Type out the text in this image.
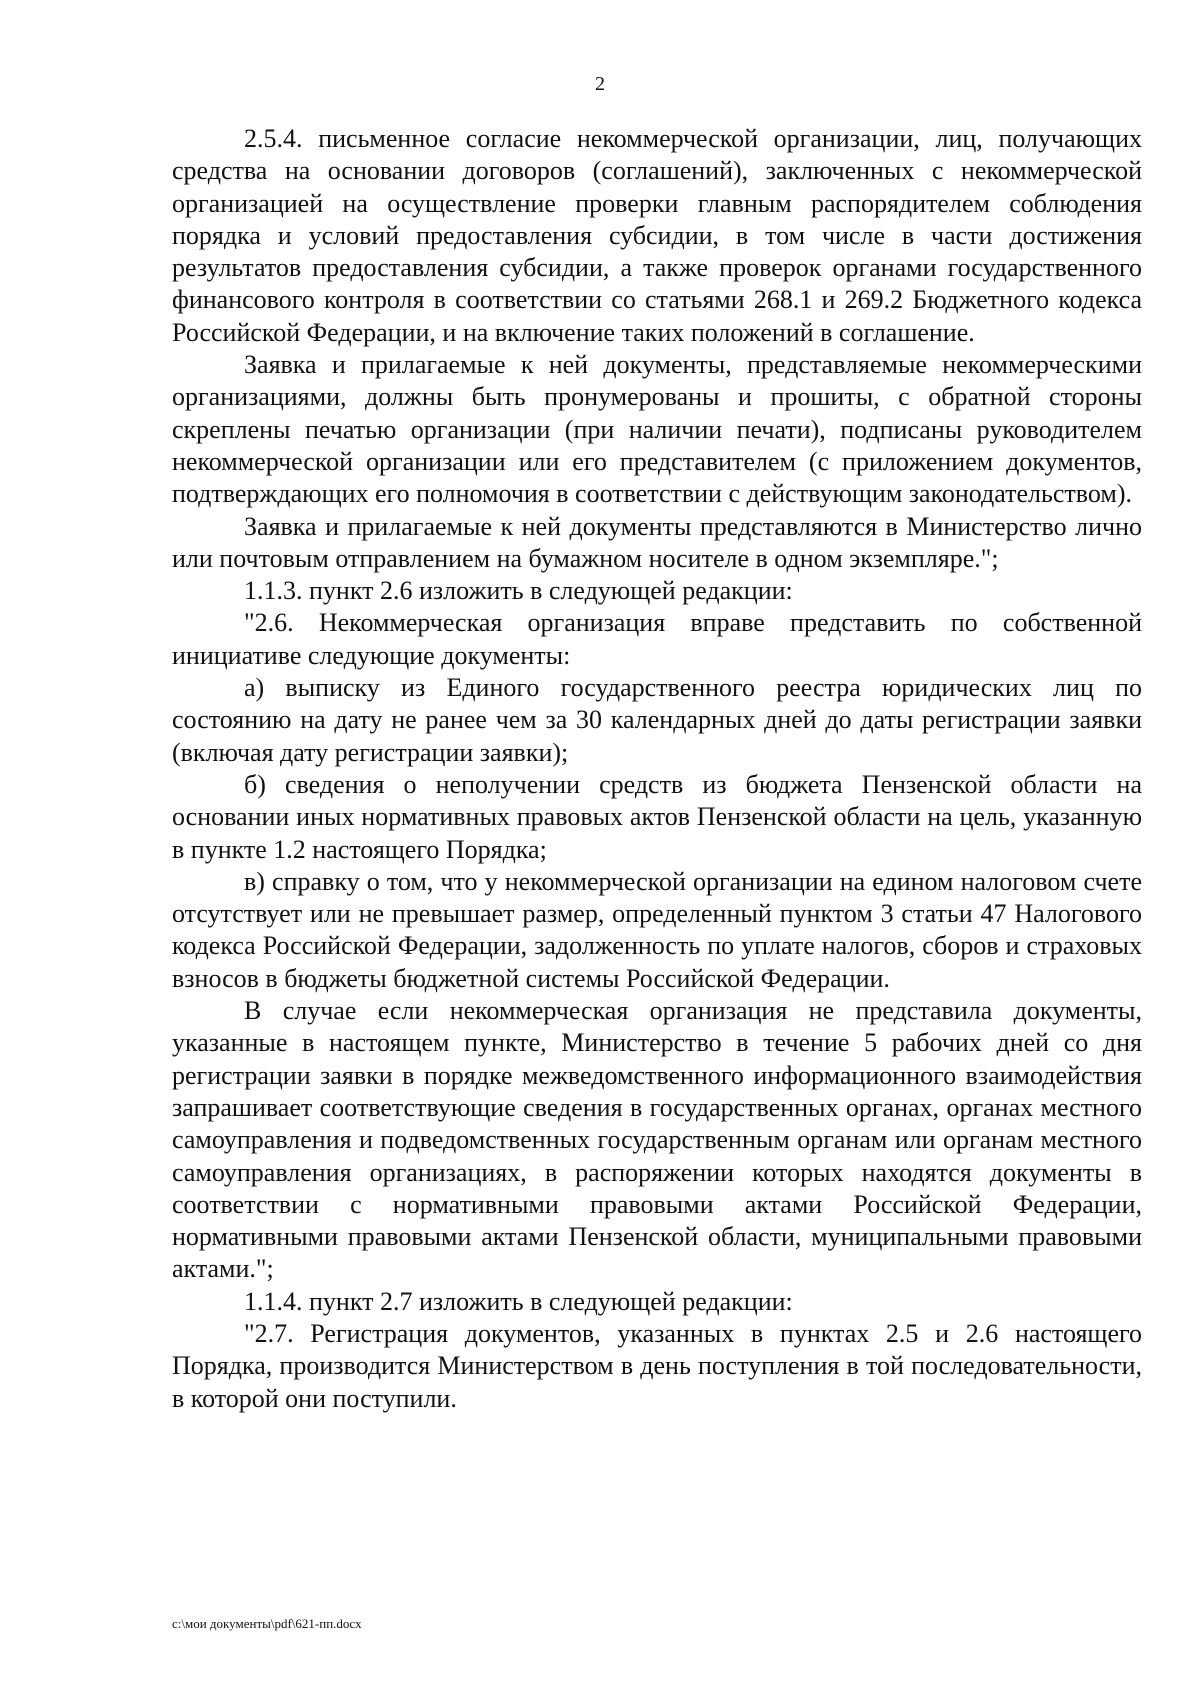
2

2.5.4. письменное согласие некоммерческой организации, лиц, получающих средства на основании договоров (соглашений), заключенных с некоммерческой организацией на осуществление проверки главным распорядителем соблюдения порядка и условий предоставления субсидии, в том числе в части достижения результатов предоставления субсидии, а также проверок органами государственного финансового контроля в соответствии со статьями 268.1 и 269.2 Бюджетного кодекса Российской Федерации, и на включение таких положений в соглашение.

Заявка и прилагаемые к ней документы, представляемые некоммерческими организациями, должны быть пронумерованы и прошиты, с обратной стороны скреплены печатью организации (при наличии печати), подписаны руководителем некоммерческой организации или его представителем (с приложением документов, подтверждающих его полномочия в соответствии с действующим законодательством).

Заявка и прилагаемые к ней документы представляются в Министерство лично или почтовым отправлением на бумажном носителе в одном экземпляре.";

1.1.3. пункт 2.6 изложить в следующей редакции:

"2.6. Некоммерческая организация вправе представить по собственной инициативе следующие документы:

а) выписку из Единого государственного реестра юридических лиц по состоянию на дату не ранее чем за 30 календарных дней до даты регистрации заявки (включая дату регистрации заявки);

б) сведения о неполучении средств из бюджета Пензенской области на основании иных нормативных правовых актов Пензенской области на цель, указанную в пункте 1.2 настоящего Порядка;

в) справку о том, что у некоммерческой организации на едином налоговом счете отсутствует или не превышает размер, определенный пунктом 3 статьи 47 Налогового кодекса Российской Федерации, задолженность по уплате налогов, сборов и страховых взносов в бюджеты бюджетной системы Российской Федерации.

В случае если некоммерческая организация не представила документы, указанные в настоящем пункте, Министерство в течение 5 рабочих дней со дня регистрации заявки в порядке межведомственного информационного взаимодействия запрашивает соответствующие сведения в государственных органах, органах местного самоуправления и подведомственных государственным органам или органам местного самоуправления организациях, в распоряжении которых находятся документы в соответствии с нормативными правовыми актами Российской Федерации, нормативными правовыми актами Пензенской области, муниципальными правовыми актами.";

1.1.4. пункт 2.7 изложить в следующей редакции:

"2.7. Регистрация документов, указанных в пунктах 2.5 и 2.6 настоящего Порядка, производится Министерством в день поступления в той последовательности, в которой они поступили.

c:\мои документы\pdf\621-пп.docx
